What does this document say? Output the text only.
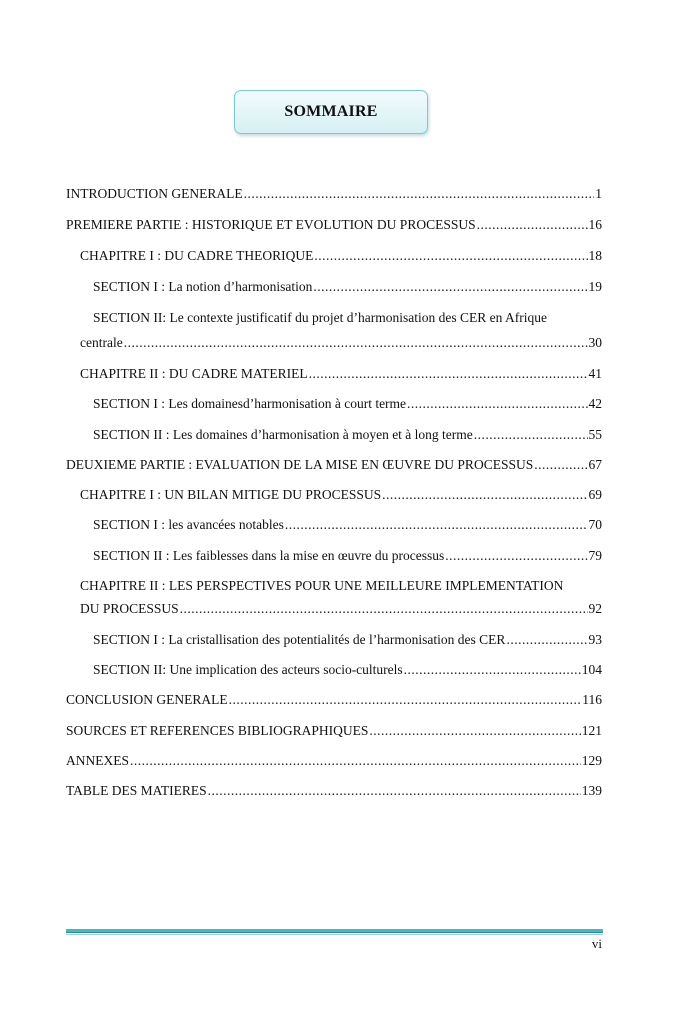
SOMMAIRE
INTRODUCTION GENERALE .....	1
PREMIERE PARTIE : HISTORIQUE ET EVOLUTION DU PROCESSUS .....	16
CHAPITRE I : DU CADRE THEORIQUE .....	18
SECTION I : La notion d’harmonisation .....	19
SECTION II: Le contexte justificatif du projet d’harmonisation des CER en Afrique
centrale .....	30
CHAPITRE II : DU CADRE MATERIEL .....	41
SECTION I : Les domainesd’harmonisation à court terme .....	42
SECTION II : Les domaines d’harmonisation à moyen et à long terme .....	55
DEUXIEME PARTIE : EVALUATION DE LA MISE EN ŒUVRE DU PROCESSUS .....	67
CHAPITRE I : UN BILAN MITIGE DU PROCESSUS .....	69
SECTION I : les avancées notables .....	70
SECTION II : Les faiblesses dans la mise en œuvre du processus .....	79
CHAPITRE II : LES PERSPECTIVES POUR UNE MEILLEURE IMPLEMENTATION
DU PROCESSUS .....	92
SECTION I : La cristallisation des potentialités de l’harmonisation des CER .....	93
SECTION II: Une implication des acteurs socio-culturels .....	104
CONCLUSION GENERALE .....	116
SOURCES ET REFERENCES BIBLIOGRAPHIQUES .....	121
ANNEXES .....	129
TABLE DES MATIERES .....	139
vi
